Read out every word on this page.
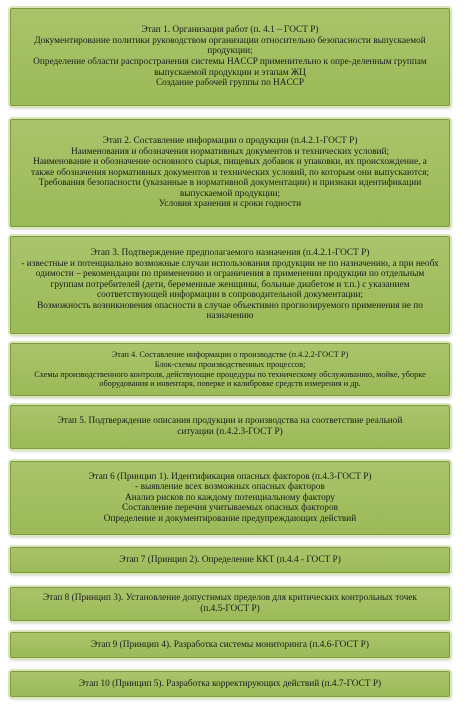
Этап 1. Организация работ (п. 4.1 – ГОСТ Р)
Документирование политики руководством организации относительно безопасности выпускаемой продукции;
Определение области распространения системы HACCP применительно к опре-деленным группам выпускаемой продукции и этапам ЖЦ
Создание рабочей группы по HACCP
Этап 2. Составление информации о продукции (п.4.2.1-ГОСТ Р)
Наименования и обозначения нормативных документов и технических условий;
Наименование и обозначение основного сырья, пищевых добавок и упаковки, их происхождение, а также обозначения нормативных документов и технических условий, по которым они выпускаются;
Требования безопасности (указанные в нормативной документации) и признаки идентификации выпускаемой продукции;
Условия хранения и сроки годности
Этап 3. Подтверждение предполагаемого назначения (п.4.2.1-ГОСТ Р)
- известные и потенциально возможные случаи использования продукции не по назначению, а при необх одимости – рекомендации по применению и ограничения в применении продукции по отдельным группам потребителей (дети, беременные женщины, больные диабетом и т.п.) с указанием соответствующей информации в сопроводительной документации;
Возможность возникновения опасности в случае объективно прогнозируемого применения не по назначению
Этап 4. Составление информации о производстве (п.4.2.2-ГОСТ Р)
Блок-схемы производственных процессов;
Схемы производственного контроля, действующие процедуры по техническому обслуживанию, мойке, уборке оборудования и инвентаря, поверке и калибровке средств измерения и др.
Этап 5. Подтверждение описания продукции и производства на соответствие реальной ситуации (п.4.2.3-ГОСТ Р)
Этап 6 (Принцип 1). Идентификация опасных факторов (п.4.3-ГОСТ Р)
- выявление всех возможных опасных факторов
Анализ рисков по каждому потенциальному фактору
Составление перечня учитываемых опасных факторов
Определение и документирование предупреждающих действий
Этап 7 (Принцип 2). Определение ККТ (п.4.4 - ГОСТ Р)
Этап 8 (Принцип 3). Установление допустимых пределов для критических контрольных точек (п.4.5-ГОСТ Р)
Этап 9 (Принцип 4). Разработка системы мониторинга (п.4.6-ГОСТ Р)
Этап 10 (Принцип 5). Разработка корректирующих действий (п.4.7-ГОСТ Р)
